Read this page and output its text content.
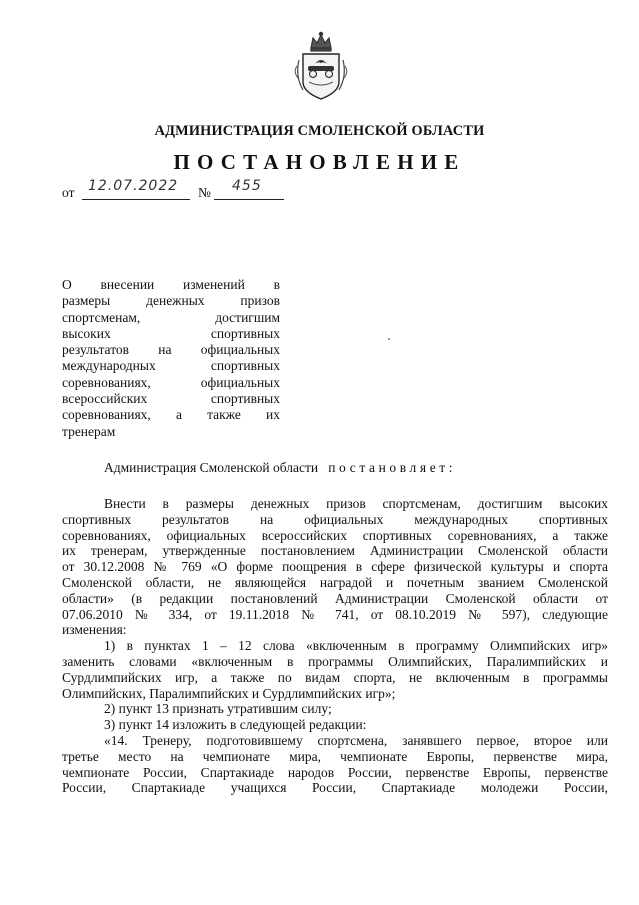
АДМИНИСТРАЦИЯ СМОЛЕНСКОЙ ОБЛАСТИ
ПОСТАНОВЛЕНИЕ
от 12.07.2022 № 455
О внесении изменений в
размеры денежных призов
спортсменам, достигшим
высоких спортивных
результатов на официальных
международных спортивных
соревнованиях, официальных
всероссийских спортивных
соревнованиях, а также их
тренерам
Администрация Смоленской области постановляет:
Внести в размеры денежных призов спортсменам, достигшим высоких
спортивных результатов на официальных международных спортивных
соревнованиях, официальных всероссийских спортивных соревнованиях, а также
их тренерам, утвержденные постановлением Администрации Смоленской области
от 30.12.2008 № 769 «О форме поощрения в сфере физической культуры и спорта
Смоленской области, не являющейся наградой и почетным званием Смоленской
области» (в редакции постановлений Администрации Смоленской области от
07.06.2010 № 334, от 19.11.2018 № 741, от 08.10.2019 № 597), следующие
изменения:
1) в пунктах 1 – 12 слова «включенным в программу Олимпийских игр»
заменить словами «включенным в программы Олимпийских, Паралимпийских и
Сурдлимпийских игр, а также по видам спорта, не включенным в программы
Олимпийских, Паралимпийских и Сурдлимпийских игр»;
2) пункт 13 признать утратившим силу;
3) пункт 14 изложить в следующей редакции:
«14. Тренеру, подготовившему спортсмена, занявшего первое, второе или
третье место на чемпионате мира, чемпионате Европы, первенстве мира,
чемпионате России, Спартакиаде народов России, первенстве Европы, первенстве
России, Спартакиаде учащихся России, Спартакиаде молодежи России,
